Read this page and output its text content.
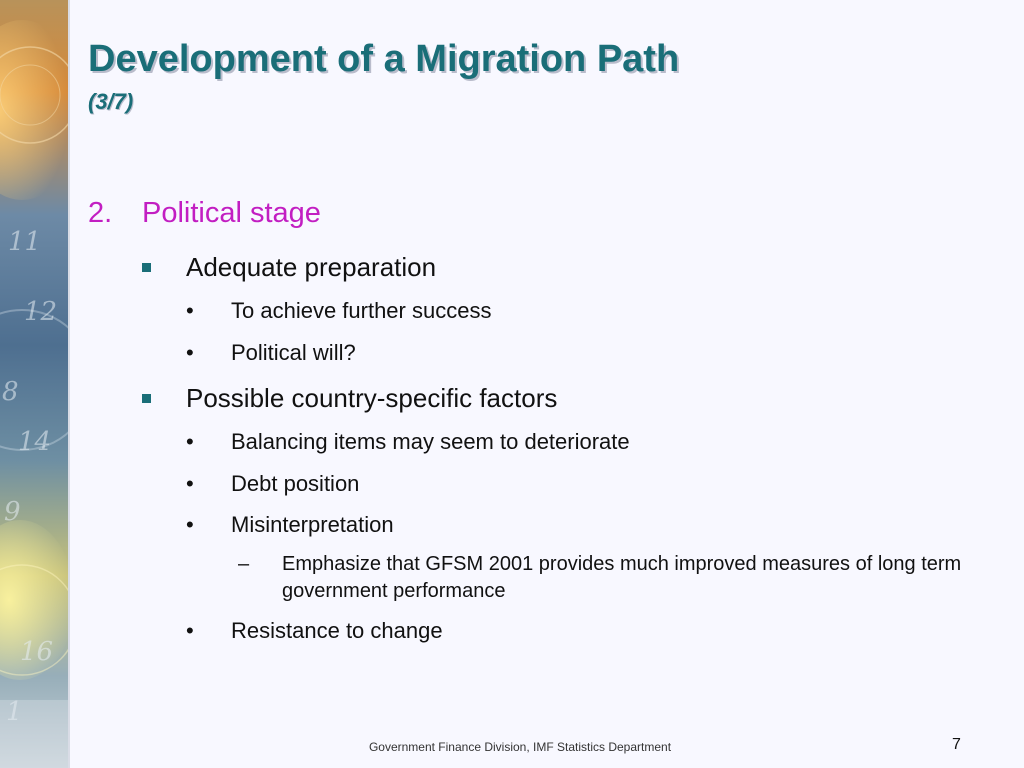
11
12
8
14
9
16
1
Development of a Migration Path
(3/7)
2. Political stage
Adequate preparation
• To achieve further success
• Political will?
Possible country-specific factors
• Balancing items may seem to deteriorate
• Debt position
• Misinterpretation
– Emphasize that GFSM 2001 provides much improved measures of long term government performance
• Resistance to change
Government Finance Division, IMF Statistics Department	7
